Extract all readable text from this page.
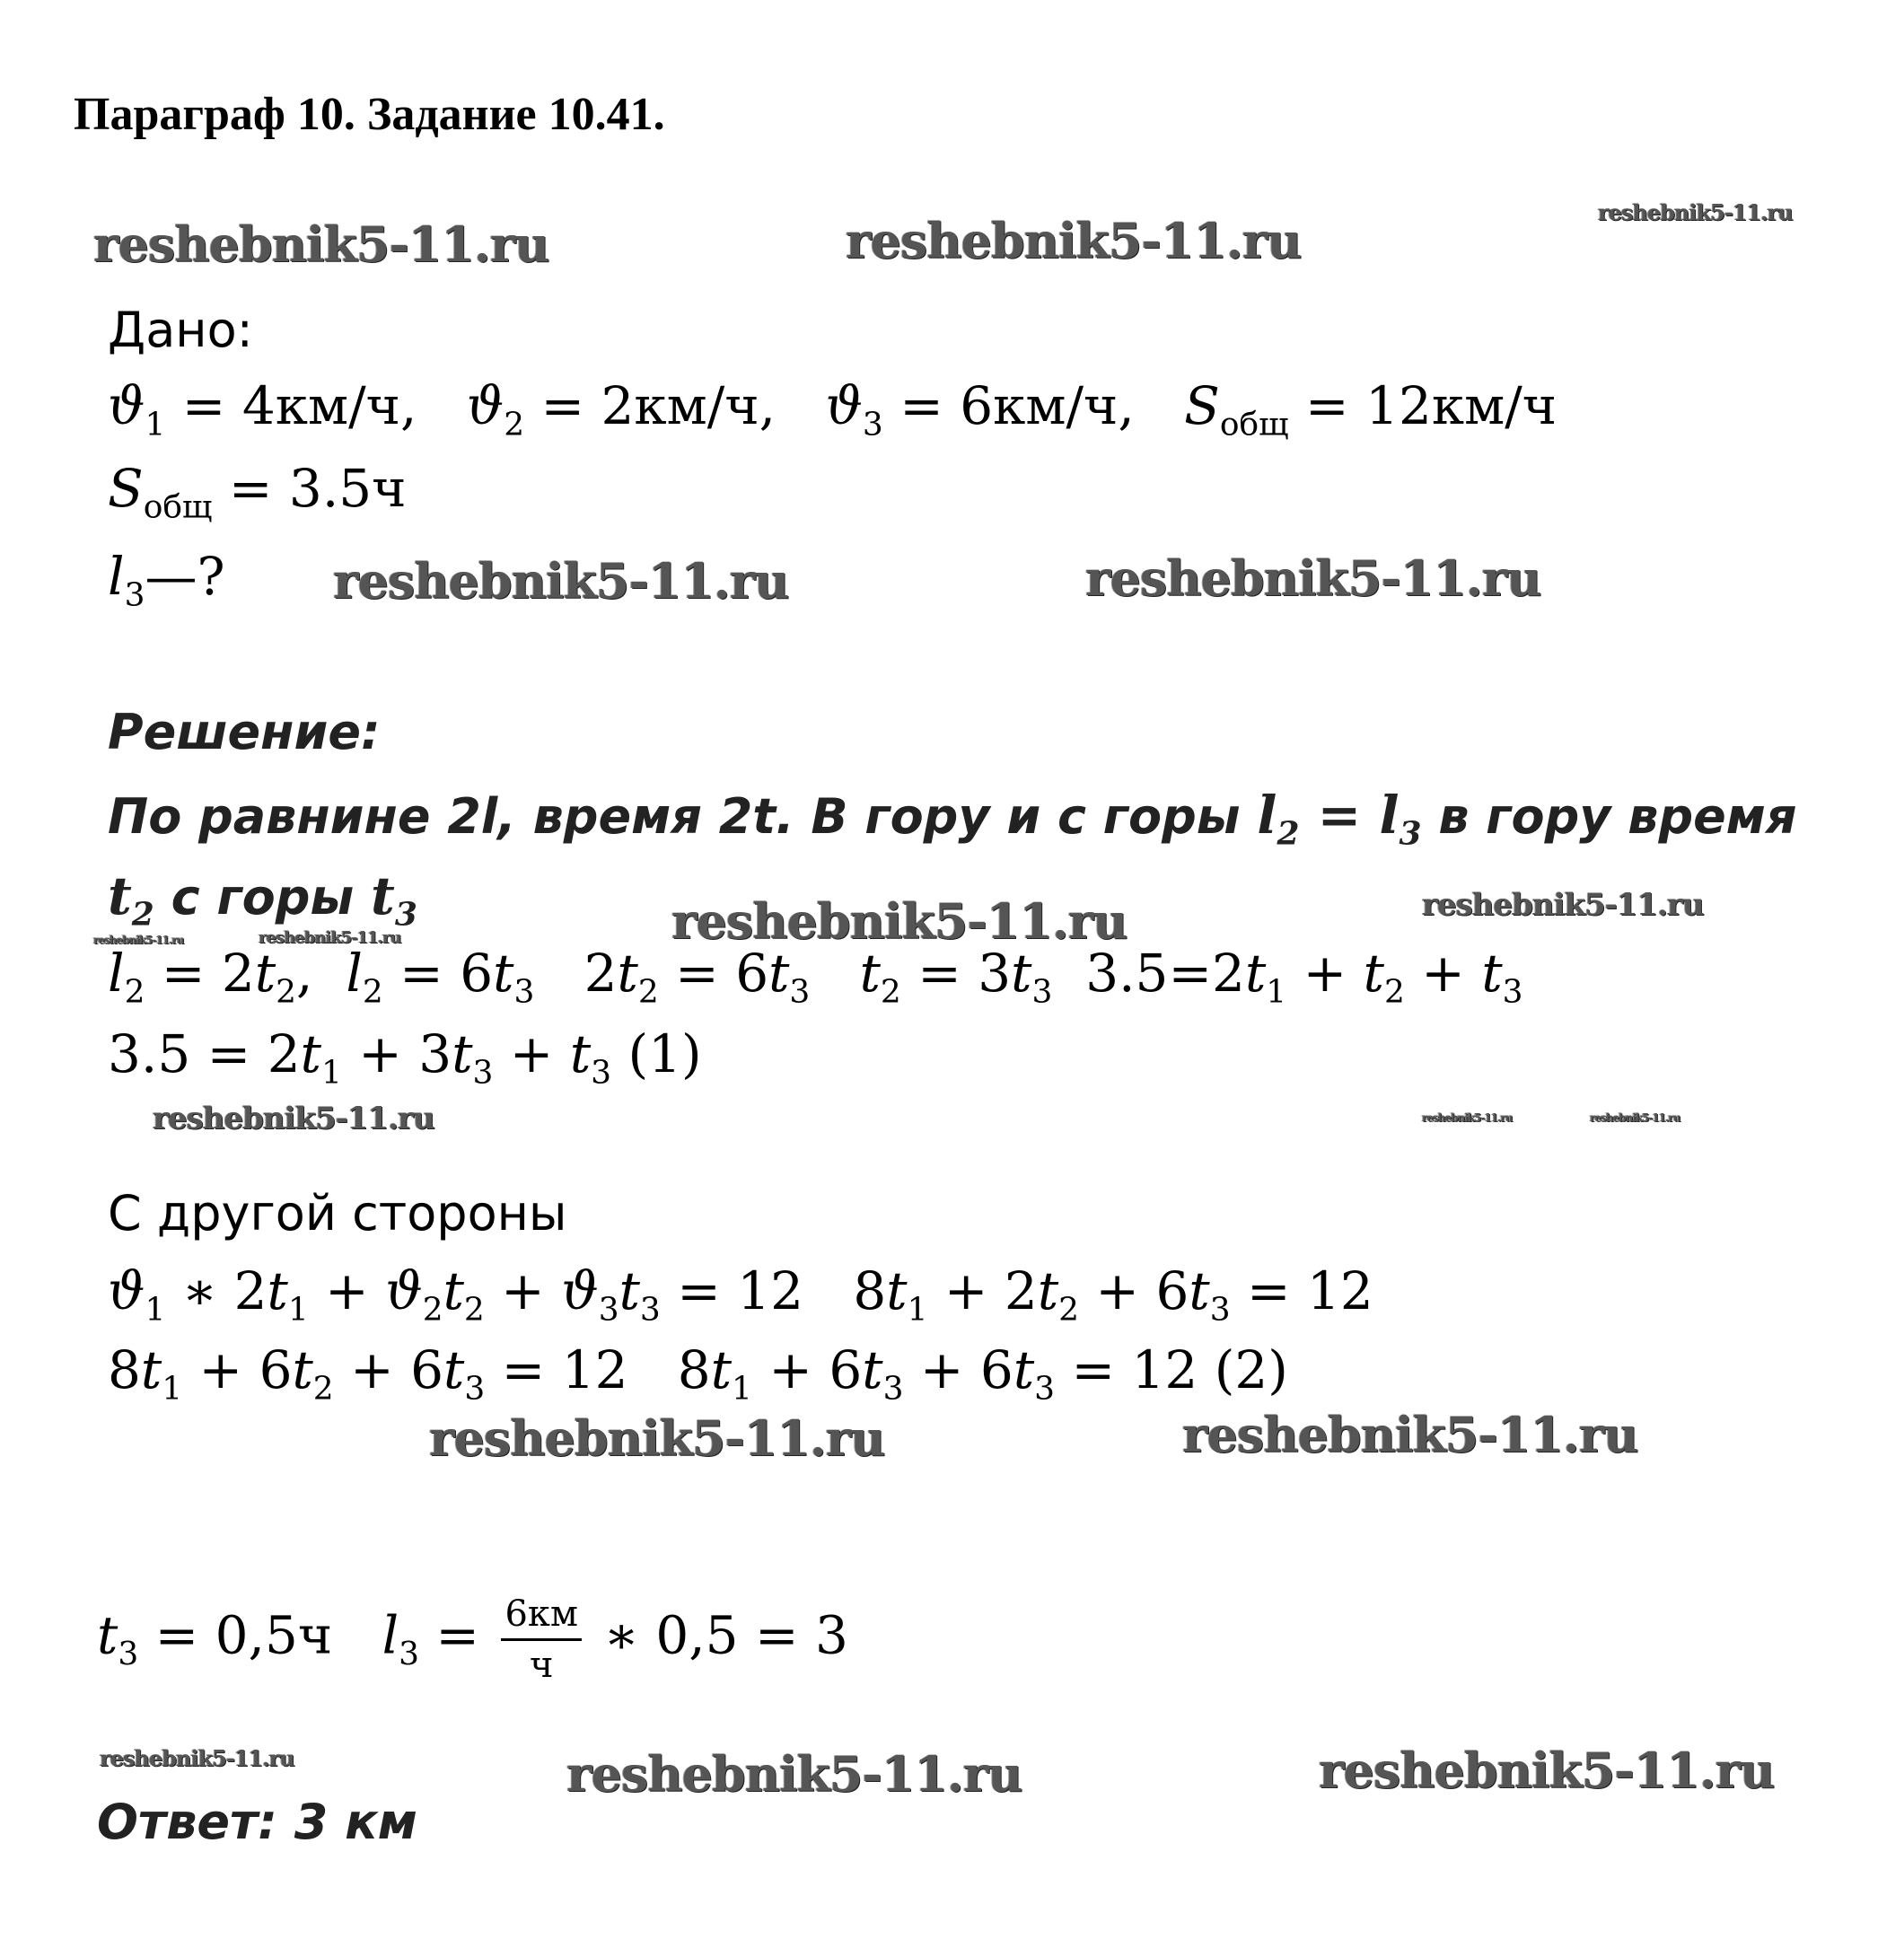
Параграф 10. Задание 10.41.
reshebnik5-11.ru	reshebnik5-11.ru	reshebnik5-11.ru
reshebnik5-11.ru	reshebnik5-11.ru
reshebnik5-11.ru	reshebnik5-11.ru
reshebnik5-11.ru	reshebnik5-11.ru
reshebnik5-11.ru	reshebnik5-11.ru	reshebnik5-11.ru
reshebnik5-11.ru	reshebnik5-11.ru
reshebnik5-11.ru	reshebnik5-11.ru	reshebnik5-11.ru
Дано:
$ϑ_1 = 4км/ч$,   $ϑ_2 = 2км/ч$,   $ϑ_3 = 6км/ч$,   $S_{общ} = 12км/ч$
$S_{общ} = 3.5ч$
$l_3—$?
Решение:
По равнине 2l, время 2t. В гору и с горы $l_2 = l_3$ в гору время
$t_2$ с горы $t_3$
$l_2 = 2t_2$,  $l_2 = 6t_3$   $2t_2 = 6t_3$ $t_2 = 3t_3$  $3.5=2t_1 + t_2 + t_3$
$3.5 = 2t_1 + 3t_3 + t_3$ (1)
С другой стороны
$ϑ_1$ ∗ $2t_1 + ϑ_2t_2 + ϑ_3t_3 = 12$   $8t_1 + 2t_2 + 6t_3 = 12$
$8t_1 + 6t_2 + 6t_3 = 12$   $8t_1 + 6t_3 + 6t_3 = 12$ (2)
$t_3 = 0,5ч$   $l_3 = \frac{6км}{ч}$ ∗ 0,5 = 3
Ответ: 3 км
